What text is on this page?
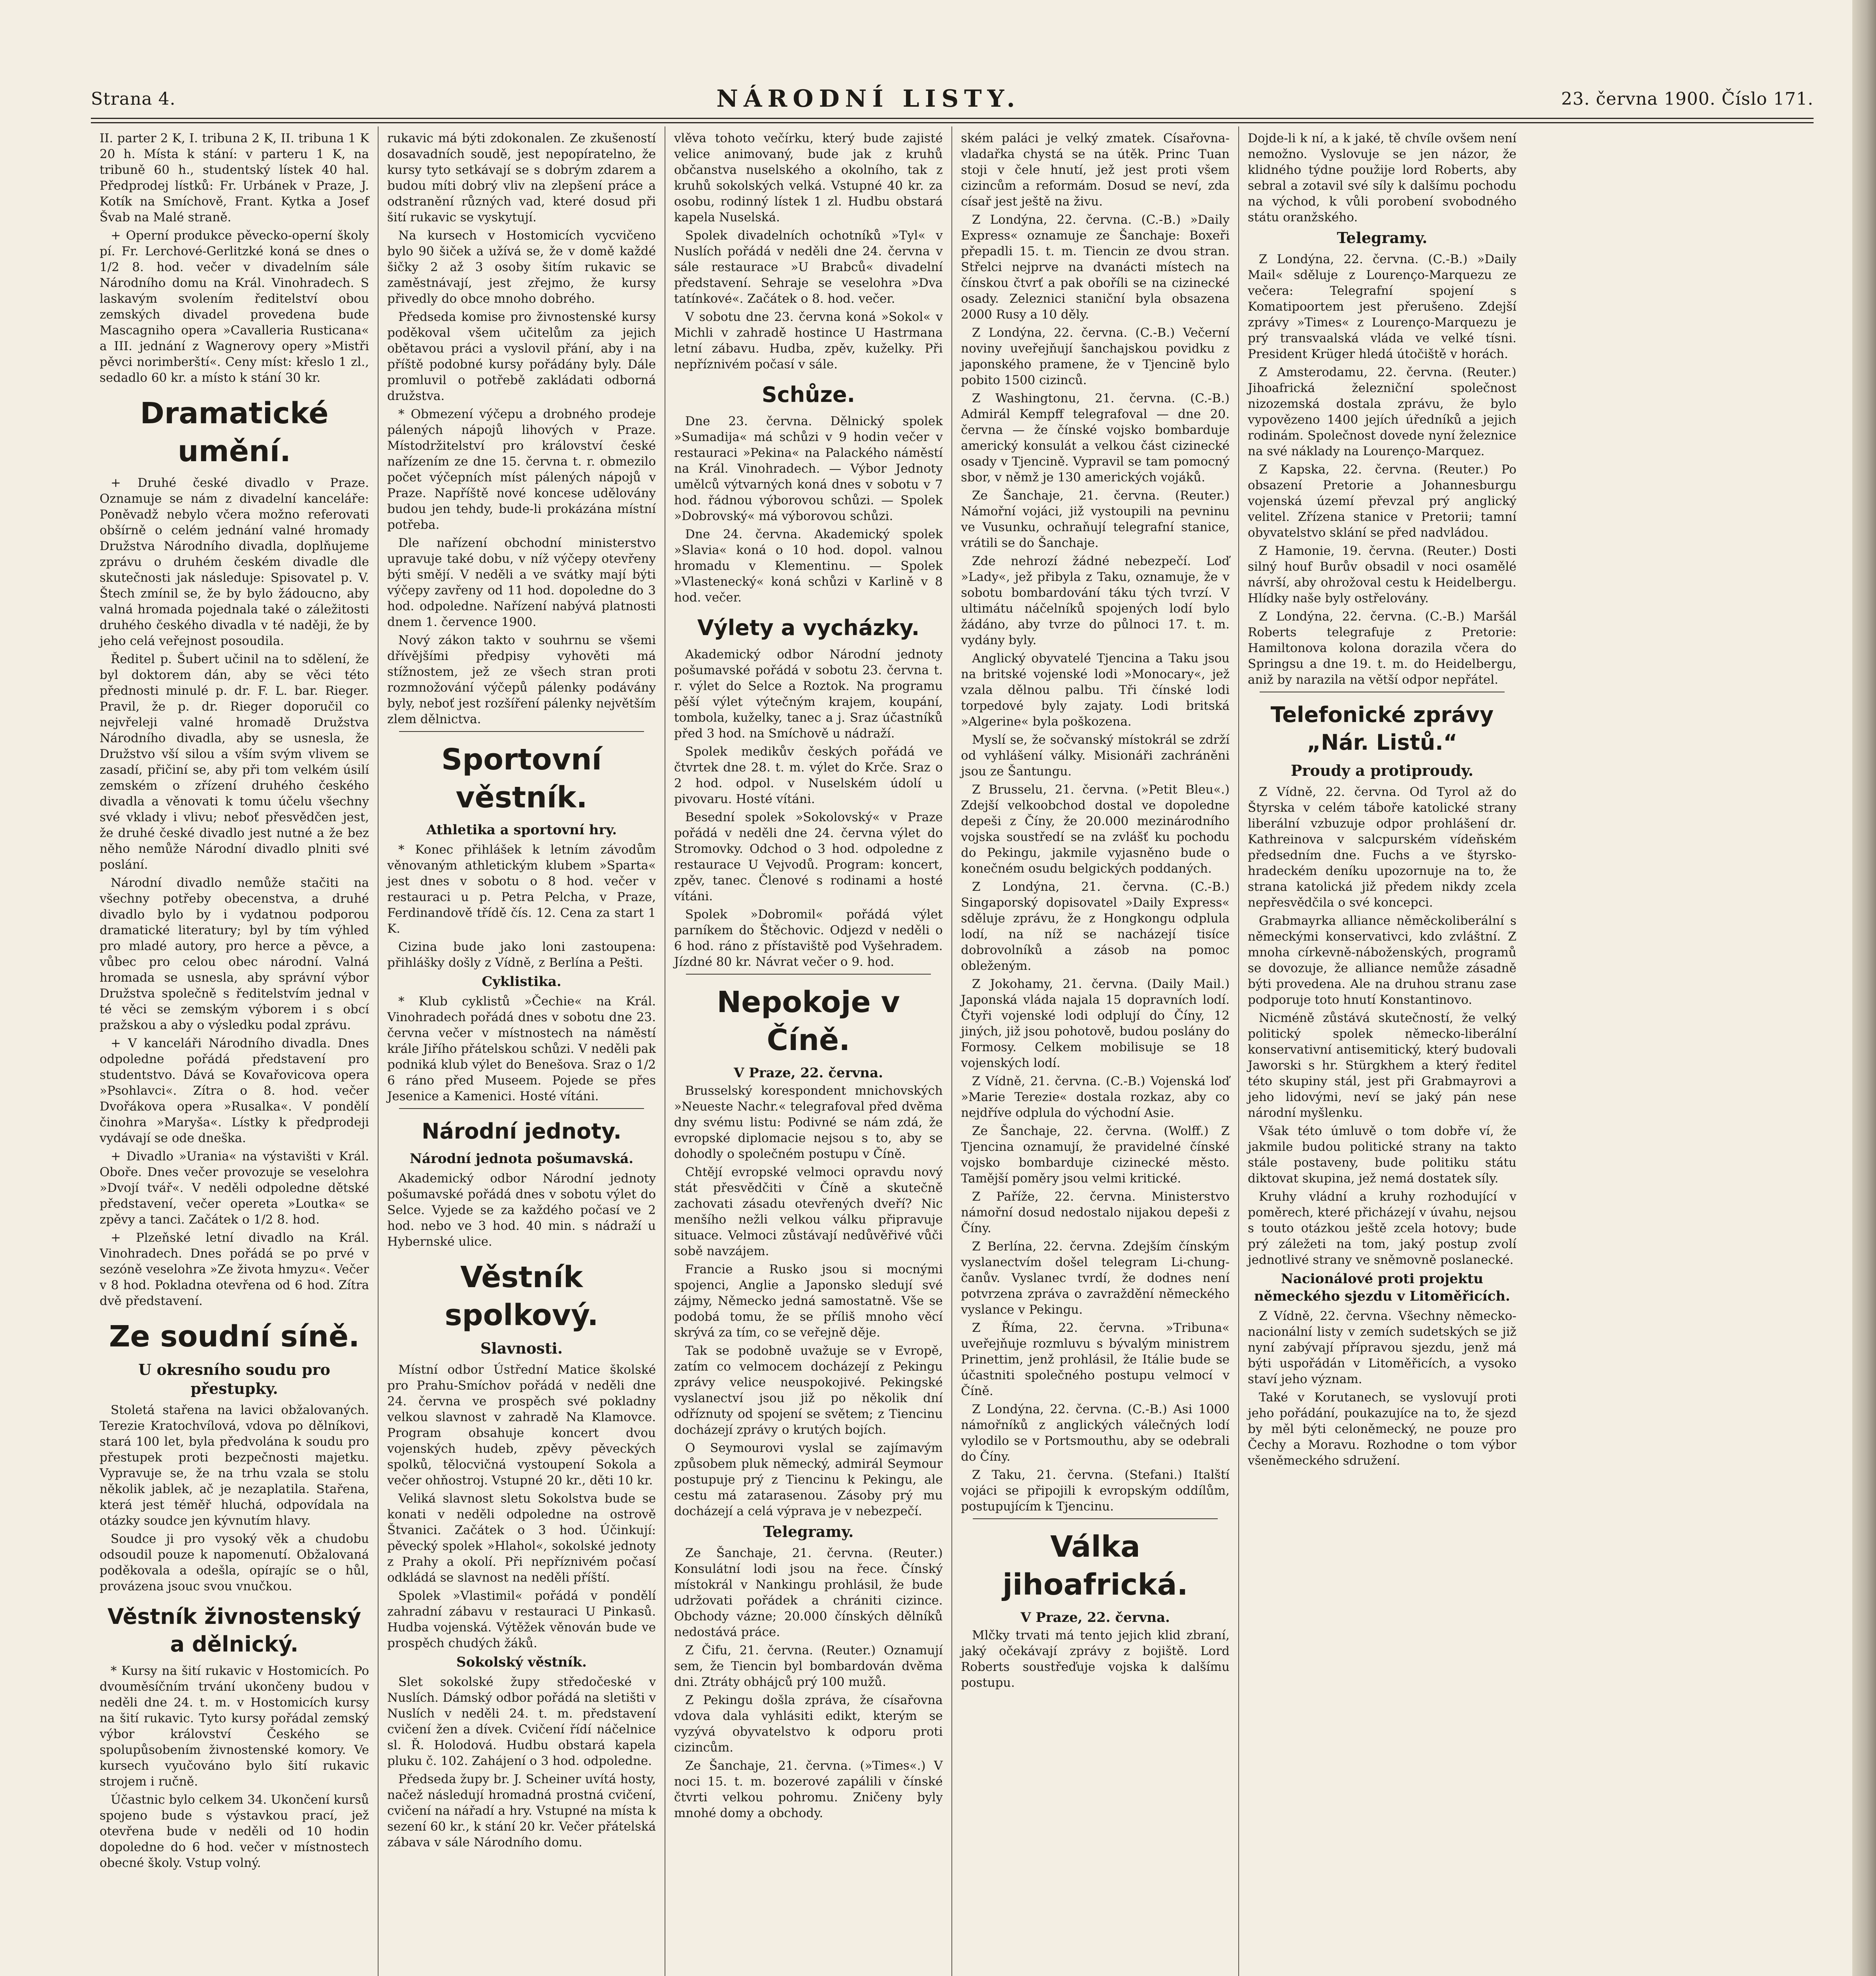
Strana 4.	NÁRODNÍ LISTY.	23. června 1900. Číslo 171.

II. parter 2 K, I. tribuna 2 K, II. tribuna 1 K 20 h. Místa k stání: v parteru 1 K, na tribuně 60 h., studentský lístek 40 hal. Předprodej lístků: Fr. Urbánek v Praze, J. Kotík na Smíchově, Frant. Kytka a Josef Švab na Malé straně.

+ Operní produkce pěvecko-operní školy pí. Fr. Lerchové-Gerlitzké koná se dnes o 1/2 8. hod. večer v divadelním sále Národního domu na Král. Vinohradech. S laskavým svolením ředitelství obou zemských divadel provedena bude Mascagniho opera »Cavalleria Rusticana« a III. jednání z Wagnerovy opery »Mistři pěvci norimberští«. Ceny míst: křeslo 1 zl., sedadlo 60 kr. a místo k stání 30 kr.

Dramatické umění.

+ Druhé české divadlo v Praze. Oznamuje se nám z divadelní kanceláře: Poněvadž nebylo včera možno referovati obšírně o celém jednání valné hromady Družstva Národního divadla, doplňujeme zprávu o druhém českém divadle dle skutečnosti jak následuje: Spisovatel p. V. Štech zmínil se, že by bylo žádoucno, aby valná hromada pojednala také o záležitosti druhého českého divadla v té naději, že by jeho celá veřejnost posoudila.

Ředitel p. Šubert učinil na to sdělení, že byl doktorem dán, aby se věci této přednosti minulé p. dr. F. L. bar. Rieger. Pravil, že p. dr. Rieger doporučil co nejvřeleji valné hromadě Družstva Národního divadla, aby se usnesla, že Družstvo vší silou a vším svým vlivem se zasadí, přičiní se, aby při tom velkém úsilí zemském o zřízení druhého českého divadla a věnovati k tomu účelu všechny své vklady i vlivu; neboť přesvědčen jest, že druhé české divadlo jest nutné a že bez něho nemůže Národní divadlo plniti své poslání.

Národní divadlo nemůže stačiti na všechny potřeby obecenstva, a druhé divadlo bylo by i vydatnou podporou dramatické literatury; byl by tím výhled pro mladé autory, pro herce a pěvce, a vůbec pro celou obec národní. Valná hromada se usnesla, aby správní výbor Družstva společně s ředitelstvím jednal v té věci se zemským výborem i s obcí pražskou a aby o výsledku podal zprávu.

+ V kanceláři Národního divadla. Dnes odpoledne pořádá představení pro studentstvo. Dává se Kovařovicova opera »Psohlavci«. Zítra o 8. hod. večer Dvořákova opera »Rusalka«. V pondělí činohra »Maryša«. Lístky k předprodeji vydávají se ode dneška.

+ Divadlo »Urania« na výstavišti v Král. Oboře. Dnes večer provozuje se veselohra »Dvojí tvář«. V neděli odpoledne dětské představení, večer opereta »Loutka« se zpěvy a tanci. Začátek o 1/2 8. hod.

+ Plzeňské letní divadlo na Král. Vinohradech. Dnes pořádá se po prvé v sezóně veselohra »Ze života hmyzu«. Večer v 8 hod. Pokladna otevřena od 6 hod. Zítra dvě představení.

Ze soudní síně.
U okresního soudu pro přestupky.

Stoletá stařena na lavici obžalovaných. Terezie Kratochvílová, vdova po dělníkovi, stará 100 let, byla předvolána k soudu pro přestupek proti bezpečnosti majetku. Vypravuje se, že na trhu vzala se stolu několik jablek, ač je nezaplatila. Stařena, která jest téměř hluchá, odpovídala na otázky soudce jen kývnutím hlavy.

Soudce ji pro vysoký věk a chudobu odsoudil pouze k napomenutí. Obžalovaná poděkovala a odešla, opírajíc se o hůl, provázena jsouc svou vnučkou.

Věstník živnostenský a dělnický.

* Kursy na šití rukavic v Hostomicích. Po dvouměsíčním trvání ukončeny budou v neděli dne 24. t. m. v Hostomicích kursy na šití rukavic. Tyto kursy pořádal zemský výbor království Českého se spolupůsobením živnostenské komory. Ve kursech vyučováno bylo šití rukavic strojem i ručně.

Účastnic bylo celkem 34. Ukončení kursů spojeno bude s výstavkou prací, jež otevřena bude v neděli od 10 hodin dopoledne do 6 hod. večer v místnostech obecné školy. Vstup volný.

rukavic má býti zdokonalen. Ze zkušeností dosavadních soudě, jest nepopíratelno, že kursy tyto setkávají se s dobrým zdarem a budou míti dobrý vliv na zlepšení práce a odstranění různých vad, které dosud při šití rukavic se vyskytují.

Na kursech v Hostomicích vycvičeno bylo 90 šiček a užívá se, že v domě každé šičky 2 až 3 osoby šitím rukavic se zaměstnávají, jest zřejmo, že kursy přivedly do obce mnoho dobrého.

Předseda komise pro živnostenské kursy poděkoval všem učitelům za jejich obětavou práci a vyslovil přání, aby i na příště podobné kursy pořádány byly. Dále promluvil o potřebě zakládati odborná družstva.

* Obmezení výčepu a drobného prodeje pálených nápojů lihových v Praze. Místodržitelství pro království české nařízením ze dne 15. června t. r. obmezilo počet výčepních míst pálených nápojů v Praze. Napříště nové koncese udělovány budou jen tehdy, bude-li prokázána místní potřeba.

Dle nařízení obchodní ministerstvo upravuje také dobu, v níž výčepy otevřeny býti smějí. V neděli a ve svátky mají býti výčepy zavřeny od 11 hod. dopoledne do 3 hod. odpoledne. Nařízení nabývá platnosti dnem 1. července 1900.

Nový zákon takto v souhrnu se všemi dřívějšími předpisy vyhověti má stížnostem, jež ze všech stran proti rozmnožování výčepů pálenky podávány byly, neboť jest rozšíření pálenky největším zlem dělnictva.

Sportovní věstník.
Athletika a sportovní hry.

* Konec přihlášek k letním závodům věnovaným athletickým klubem »Sparta« jest dnes v sobotu o 8 hod. večer v restauraci u p. Petra Pelcha, v Praze, Ferdinandově třídě čís. 12. Cena za start 1 K.

Cizina bude jako loni zastoupena: přihlášky došly z Vídně, z Berlína a Pešti.

Cyklistika.

* Klub cyklistů »Čechie« na Král. Vinohradech pořádá dnes v sobotu dne 23. června večer v místnostech na náměstí krále Jiřího přátelskou schůzi. V neděli pak podniká klub výlet do Benešova. Sraz o 1/2 6 ráno před Museem. Pojede se přes Jesenice a Kamenici. Hosté vítáni.

Národní jednoty.
Národní jednota pošumavská.

Akademický odbor Národní jednoty pošumavské pořádá dnes v sobotu výlet do Selce. Vyjede se za každého počasí ve 2 hod. nebo ve 3 hod. 40 min. s nádraží u Hybernské ulice.

Věstník spolkový.
Slavnosti.

Místní odbor Ústřední Matice školské pro Prahu-Smíchov pořádá v neděli dne 24. června ve prospěch své pokladny velkou slavnost v zahradě Na Klamovce. Program obsahuje koncert dvou vojenských hudeb, zpěvy pěveckých spolků, tělocvičná vystoupení Sokola a večer ohňostroj. Vstupné 20 kr., děti 10 kr.

Veliká slavnost sletu Sokolstva bude se konati v neděli odpoledne na ostrově Štvanici. Začátek o 3 hod. Účinkují: pěvecký spolek »Hlahol«, sokolské jednoty z Prahy a okolí. Při nepříznivém počasí odkládá se slavnost na neděli příští.

Spolek »Vlastimil« pořádá v pondělí zahradní zábavu v restauraci U Pinkasů. Hudba vojenská. Výtěžek věnován bude ve prospěch chudých žáků.

Sokolský věstník.

Slet sokolské župy středočeské v Nuslích. Dámský odbor pořádá na sletišti v Nuslích v neděli 24. t. m. představení cvičení žen a dívek. Cvičení řídí náčelnice sl. Ř. Holodová. Hudbu obstará kapela pluku č. 102. Zahájení o 3 hod. odpoledne.

Předseda župy br. J. Scheiner uvítá hosty, načež následují hromadná prostná cvičení, cvičení na nářadí a hry. Vstupné na místa k sezení 60 kr., k stání 20 kr. Večer přátelská zábava v sále Národního domu.

vlěva tohoto večírku, který bude zajisté velice animovaný, bude jak z kruhů občanstva nuselského a okolního, tak z kruhů sokolských velká. Vstupné 40 kr. za osobu, rodinný lístek 1 zl. Hudbu obstará kapela Nuselská.

Spolek divadelních ochotníků »Tyl« v Nuslích pořádá v neděli dne 24. června v sále restaurace »U Brabců« divadelní představení. Sehraje se veselohra »Dva tatínkové«. Začátek o 8. hod. večer.

V sobotu dne 23. června koná »Sokol« v Michli v zahradě hostince U Hastrmana letní zábavu. Hudba, zpěv, kuželky. Při nepříznivém počasí v sále.

Schůze.

Dne 23. června. Dělnický spolek »Sumadija« má schůzi v 9 hodin večer v restauraci »Pekina« na Palackého náměstí na Král. Vinohradech. — Výbor Jednoty umělců výtvarných koná dnes v sobotu v 7 hod. řádnou výborovou schůzi. — Spolek »Dobrovský« má výborovou schůzi.

Dne 24. června. Akademický spolek »Slavia« koná o 10 hod. dopol. valnou hromadu v Klementinu. — Spolek »Vlastenecký« koná schůzi v Karlině v 8 hod. večer.

Výlety a vycházky.

Akademický odbor Národní jednoty pošumavské pořádá v sobotu 23. června t. r. výlet do Selce a Roztok. Na programu pěší výlet výtečným krajem, koupání, tombola, kuželky, tanec a j. Sraz účastníků před 3 hod. na Smíchově u nádraží.

Spolek medikův českých pořádá ve čtvrtek dne 28. t. m. výlet do Krče. Sraz o 2 hod. odpol. v Nuselském údolí u pivovaru. Hosté vítáni.

Besední spolek »Sokolovský« v Praze pořádá v neděli dne 24. června výlet do Stromovky. Odchod o 3 hod. odpoledne z restaurace U Vejvodů. Program: koncert, zpěv, tanec. Členové s rodinami a hosté vítáni.

Spolek »Dobromil« pořádá výlet parníkem do Štěchovic. Odjezd v neděli o 6 hod. ráno z přístaviště pod Vyšehradem. Jízdné 80 kr. Návrat večer o 9. hod.

Nepokoje v Číně.
V Praze, 22. června.

Brusselský korespondent mnichovských »Neueste Nachr.« telegrafoval před dvěma dny svému listu: Podivné se nám zdá, že evropské diplomacie nejsou s to, aby se dohodly o společném postupu v Číně.

Chtějí evropské velmoci opravdu nový stát přesvědčiti v Číně a skutečně zachovati zásadu otevřených dveří? Nic menšího nežli velkou válku připravuje situace. Velmoci zůstávají nedůvěřivé vůči sobě navzájem.

Francie a Rusko jsou si mocnými spojenci, Anglie a Japonsko sledují své zájmy, Německo jedná samostatně. Vše se podobá tomu, že se příliš mnoho věcí skrývá za tím, co se veřejně děje.

Tak se podobně uvažuje se v Evropě, zatím co velmocem docházejí z Pekingu zprávy velice neuspokojivé. Pekingské vyslanectví jsou již po několik dní odříznuty od spojení se světem; z Tiencinu docházejí zprávy o krutých bojích.

O Seymourovi vyslal se zajímavým způsobem pluk německý, admirál Seymour postupuje prý z Tiencinu k Pekingu, ale cestu má zatarasenou. Zásoby prý mu docházejí a celá výprava je v nebezpečí.

Telegramy.

Ze Šanchaje, 21. června. (Reuter.) Konsulátní lodi jsou na řece. Čínský místokrál v Nankingu prohlásil, že bude udržovati pořádek a chrániti cizince. Obchody vázne; 20.000 čínských dělníků nedostává práce.

Z Čifu, 21. června. (Reuter.) Oznamují sem, že Tiencin byl bombardován dvěma dni. Ztráty obhájců prý 100 mužů.

Z Pekingu došla zpráva, že císařovna vdova dala vyhlásiti edikt, kterým se vyzývá obyvatelstvo k odporu proti cizincům.

Ze Šanchaje, 21. června. (»Times«.) V noci 15. t. m. bozerové zapálili v čínské čtvrti velkou pohromu. Zničeny byly mnohé domy a obchody.

ském paláci je velký zmatek. Císařovna-vladařka chystá se na útěk. Princ Tuan stoji v čele hnutí, jež jest proti všem cizincům a reformám. Dosud se neví, zda císař jest ještě na živu.

Z Londýna, 22. června. (C.-B.) »Daily Express« oznamuje ze Šanchaje: Boxeři přepadli 15. t. m. Tiencin ze dvou stran. Střelci nejprve na dvanácti místech na čínskou čtvrť a pak oboříli se na cizinecké osady. Zeleznici staniční byla obsazena 2000 Rusy a 10 děly.

Z Londýna, 22. června. (C.-B.) Večerní noviny uveřejňují šanchajskou povidku z japonského pramene, že v Tjencině bylo pobito 1500 cizinců.

Z Washingtonu, 21. června. (C.-B.) Admirál Kempff telegrafoval — dne 20. června — že čínské vojsko bombarduje americký konsulát a velkou část cizinecké osady v Tjencině. Vypravil se tam pomocný sbor, v němž je 130 amerických vojáků.

Ze Šanchaje, 21. června. (Reuter.) Námořní vojáci, již vystoupili na pevninu ve Vusunku, ochraňují telegrafní stanice, vrátili se do Šanchaje.

Zde nehrozí žádné nebezpečí. Loď »Lady«, jež přibyla z Taku, oznamuje, že v sobotu bombardování táku tých tvrzí. V ultimátu náčelníků spojených lodí bylo žádáno, aby tvrze do půlnoci 17. t. m. vydány byly.

Anglický obyvatelé Tjencina a Taku jsou na britské vojenské lodi »Monocary«, jež vzala dělnou palbu. Tři čínské lodi torpedové byly zajaty. Lodi britská »Algerine« byla poškozena.

Myslí se, že sočvanský místokrál se zdrží od vyhlášení války. Misionáři zachráněni jsou ze Šantungu.

Z Brusselu, 21. června. (»Petit Bleu«.) Zdejší velkoobchod dostal ve dopoledne depeši z Číny, že 20.000 mezinárodního vojska soustředí se na zvlášť ku pochodu do Pekingu, jakmile vyjasněno bude o konečném osudu belgických poddaných.

Z Londýna, 21. června. (C.-B.) Singaporský dopisovatel »Daily Express« sděluje zprávu, že z Hongkongu odplula lodí, na níž se nacházejí tisíce dobrovolníků a zásob na pomoc obleženým.

Z Jokohamy, 21. června. (Daily Mail.) Japonská vláda najala 15 dopravních lodí. Čtyři vojenské lodi odplují do Číny, 12 jiných, již jsou pohotově, budou poslány do Formosy. Celkem mobilisuje se 18 vojenských lodí.

Z Vídně, 21. června. (C.-B.) Vojenská loď »Marie Terezie« dostala rozkaz, aby co nejdříve odplula do východní Asie.

Ze Šanchaje, 22. června. (Wolff.) Z Tjencina oznamují, že pravidelné čínské vojsko bombarduje cizinecké město. Tamější poměry jsou velmi kritické.

Z Paříže, 22. června. Ministerstvo námořní dosud nedostalo nijakou depeši z Číny.

Z Berlína, 22. června. Zdejším čínským vyslanectvím došel telegram Li-chung-čanův. Vyslanec tvrdí, že dodnes není potvrzena zpráva o zavraždění německého vyslance v Pekingu.

Z Říma, 22. června. »Tribuna« uveřejňuje rozmluvu s bývalým ministrem Prinettim, jenž prohlásil, že Itálie bude se účastniti společného postupu velmocí v Číně.

Z Londýna, 22. června. (C.-B.) Asi 1000 námořníků z anglických válečných lodí vylodilo se v Portsmouthu, aby se odebrali do Číny.

Z Taku, 21. června. (Stefani.) Italští vojáci se připojili k evropským oddílům, postupujícím k Tjencinu.

Válka jihoafrická.
V Praze, 22. června.

Mlčky trvati má tento jejich klid zbraní, jaký očekávají zprávy z bojiště. Lord Roberts soustřeďuje vojska k dalšímu postupu.

Dojde-li k ní, a k jaké, tě chvíle ovšem není nemožno. Vyslovuje se jen názor, že klidného týdne použije lord Roberts, aby sebral a zotavil své síly k dalšímu pochodu na východ, k vůli porobení svobodného státu oranžského.

Telegramy.

Z Londýna, 22. června. (C.-B.) »Daily Mail« sděluje z Lourenço-Marquezu ze večera: Telegrafní spojení s Komatipoortem jest přerušeno. Zdejší zprávy »Times« z Lourenço-Marquezu je prý transvaalská vláda ve velké tísni. President Krüger hledá útočiště v horách.

Z Amsterodamu, 22. června. (Reuter.) Jihoafrická železniční společnost nizozemská dostala zprávu, že bylo vypovězeno 1400 jejích úředníků a jejich rodinám. Společnost dovede nyní železnice na své náklady na Lourenço-Marquez.

Z Kapska, 22. června. (Reuter.) Po obsazení Pretorie a Johannesburgu vojenská území převzal prý anglický velitel. Zřízena stanice v Pretorii; tamní obyvatelstvo sklání se před nadvládou.

Z Hamonie, 19. června. (Reuter.) Dosti silný houf Burův obsadil v noci osamělé návrší, aby ohrožoval cestu k Heidelbergu. Hlídky naše byly ostřelovány.

Z Londýna, 22. června. (C.-B.) Maršál Roberts telegrafuje z Pretorie: Hamiltonova kolona dorazila včera do Springsu a dne 19. t. m. do Heidelbergu, aniž by narazila na větší odpor nepřátel.

Telefonické zprávy „Nár. Listů.“
Proudy a protiproudy.

Z Vídně, 22. června. Od Tyrol až do Štyrska v celém táboře katolické strany liberální vzbuzuje odpor prohlášení dr. Kathreinova v salcpurském vídeňském předsedním dne. Fuchs a ve štyrsko-hradeckém deníku upozornuje na to, že strana katolická již předem nikdy zcela nepřesvědčila o své koncepci.

Grabmayrka alliance něměckoliberální s německými konservativci, kdo zvláštní. Z mnoha církevně-náboženských, programů se dovozuje, že alliance nemůže zásadně býti provedena. Ale na druhou stranu zase podporuje toto hnutí Konstantinovo.

Nicméně zůstává skutečností, že velký politický spolek německo-liberální konservativní antisemitický, který budovali Jaworski s hr. Stürgkhem a který ředitel této skupiny stál, jest při Grabmayrovi a jeho lidovými, neví se jaký pán nese národní myšlenku.

Však této úmluvě o tom dobře ví, že jakmile budou politické strany na takto stále postaveny, bude politiku státu diktovat skupina, jež nemá dostatek síly.

Kruhy vládní a kruhy rozhodující v poměrech, které přicházejí v úvahu, nejsou s touto otázkou ještě zcela hotovy; bude prý záležeti na tom, jaký postup zvolí jednotlivé strany ve sněmovně poslanecké.

Nacionálové proti projektu německého sjezdu v Litoměřicích.

Z Vídně, 22. června. Všechny německo-nacionální listy v zemích sudetských se již nyní zabývají přípravou sjezdu, jenž má býti uspořádán v Litoměřicích, a vysoko staví jeho význam.

Také v Korutanech, se vyslovují proti jeho pořádání, poukazujíce na to, že sjezd by měl býti celoněmecký, ne pouze pro Čechy a Moravu. Rozhodne o tom výbor všeněmeckého sdružení.
